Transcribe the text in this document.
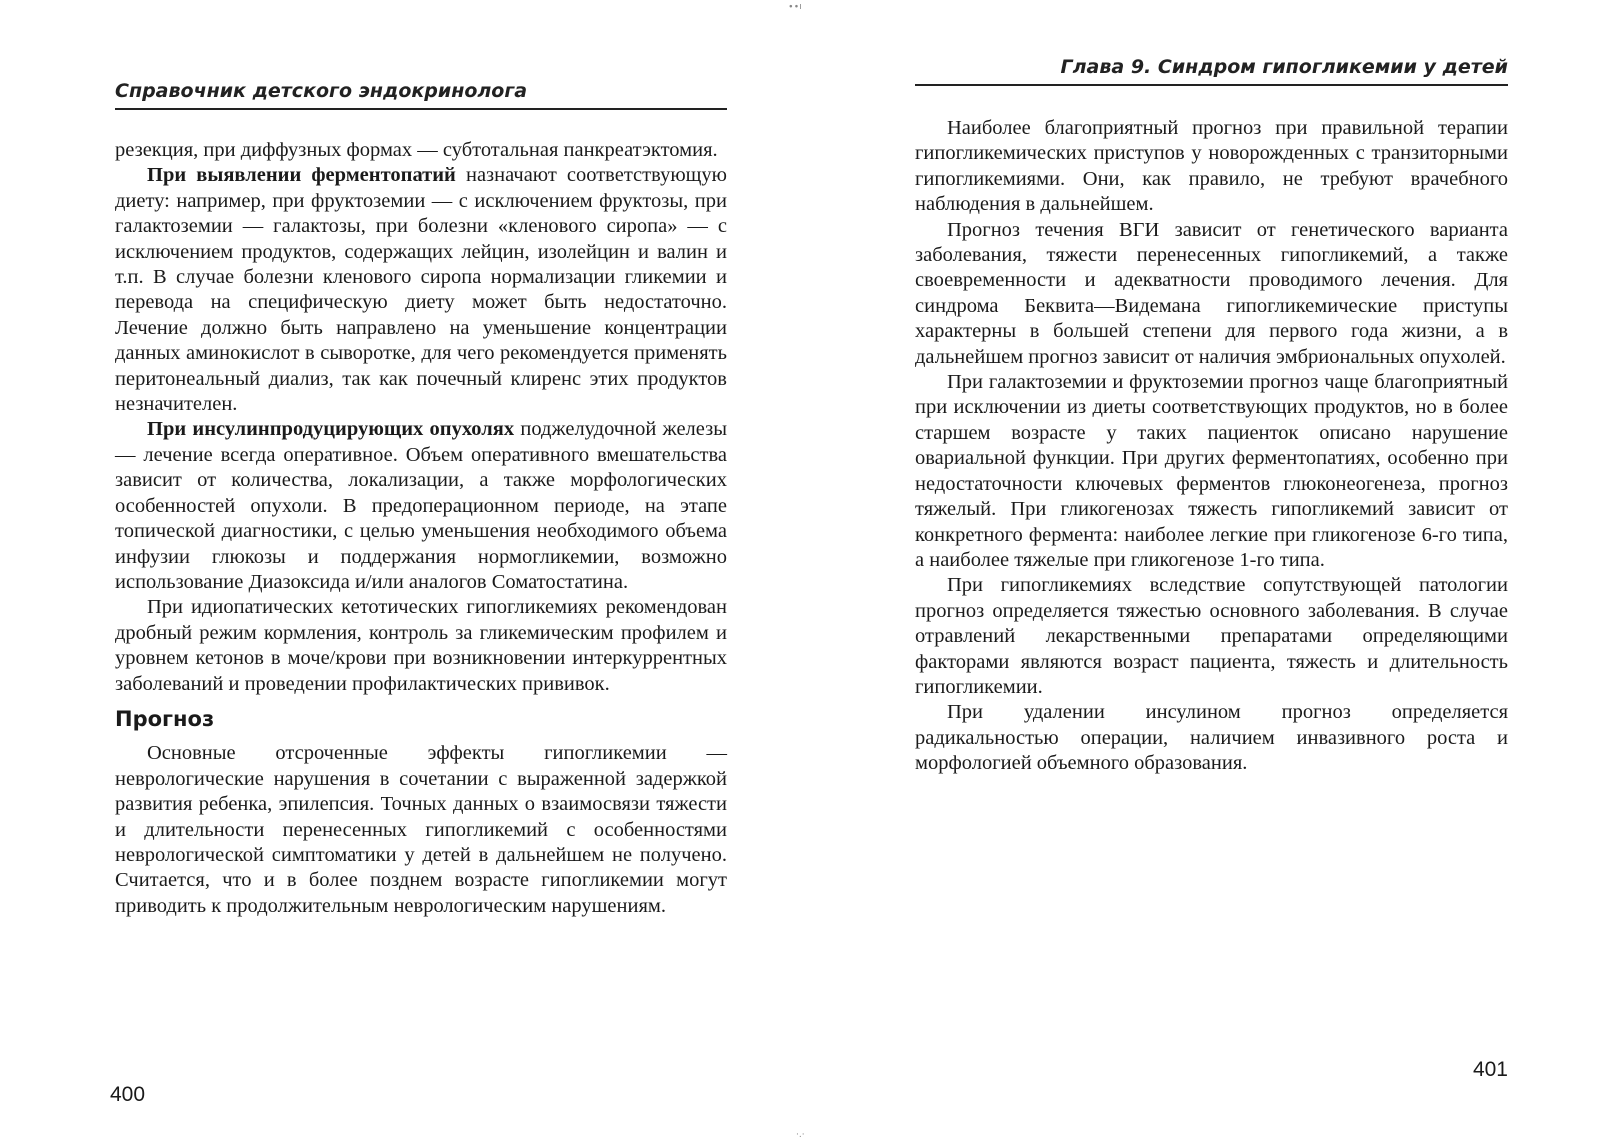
∙∙ı
·.·
Справочник детского эндокринолога

резекция, при диффузных формах — субтотальная панкреатэктомия.

При выявлении ферментопатий назначают соответствующую диету: например, при фруктоземии — с исключением фруктозы, при галактоземии — галактозы, при болезни «кленового сиропа» — с исключением продуктов, содержащих лейцин, изолейцин и валин и т.п. В случае болезни кленового сиропа нормализации гликемии и перевода на специфическую диету может быть недостаточно. Лечение должно быть направлено на уменьшение концентрации данных аминокислот в сыворотке, для чего рекомендуется применять перитонеальный диализ, так как почечный клиренс этих продуктов незначителен.

При инсулинпродуцирующих опухолях поджелудочной железы — лечение всегда оперативное. Объем оперативного вмешательства зависит от количества, локализации, а также морфологических особенностей опухоли. В предоперационном периоде, на этапе топической диагностики, с целью уменьшения необходимого объема инфузии глюкозы и поддержания нормогликемии, возможно использование Диазоксида и/или аналогов Соматостатина.

При идиопатических кетотических гипогликемиях рекомендован дробный режим кормления, контроль за гликемическим профилем и уровнем кетонов в моче/крови при возникновении интеркуррентных заболеваний и проведении профилактических прививок.

Прогноз

Основные отсроченные эффекты гипогликемии — неврологические нарушения в сочетании с выраженной задержкой развития ребенка, эпилепсия. Точных данных о взаимосвязи тяжести и длительности перенесенных гипогликемий с особенностями неврологической симптоматики у детей в дальнейшем не получено. Считается, что и в более позднем возрасте гипогликемии могут приводить к продолжительным неврологическим нарушениям.

400
Глава 9. Синдром гипогликемии у детей

Наиболее благоприятный прогноз при правильной терапии гипогликемических приступов у новорожденных с транзиторными гипогликемиями. Они, как правило, не требуют врачебного наблюдения в дальнейшем.

Прогноз течения ВГИ зависит от генетического варианта заболевания, тяжести перенесенных гипогликемий, а также своевременности и адекватности проводимого лечения. Для синдрома Беквита—Видемана гипогликемические приступы характерны в большей степени для первого года жизни, а в дальнейшем прогноз зависит от наличия эмбриональных опухолей.

При галактоземии и фруктоземии прогноз чаще благоприятный при исключении из диеты соответствующих продуктов, но в более старшем возрасте у таких пациенток описано нарушение овариальной функции. При других ферментопатиях, особенно при недостаточности ключевых ферментов глюконеогенеза, прогноз тяжелый. При гликогенозах тяжесть гипогликемий зависит от конкретного фермента: наиболее легкие при гликогенозе 6-го типа, а наиболее тяжелые при гликогенозе 1-го типа.

При гипогликемиях вследствие сопутствующей патологии прогноз определяется тяжестью основного заболевания. В случае отравлений лекарственными препаратами определяющими факторами являются возраст пациента, тяжесть и длительность гипогликемии.

При удалении инсулином прогноз определяется радикальностью операции, наличием инвазивного роста и морфологией объемного образования.

401
